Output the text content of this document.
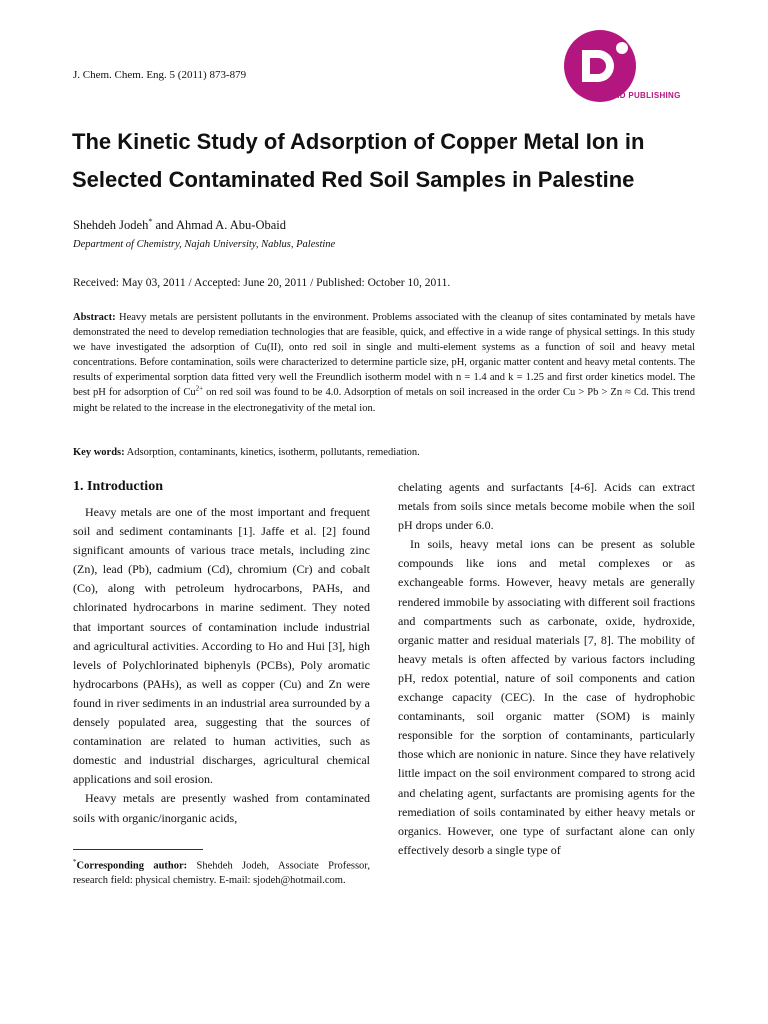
J. Chem. Chem. Eng. 5 (2011) 873-879
DAVID PUBLISHING
The Kinetic Study of Adsorption of Copper Metal Ion in Selected Contaminated Red Soil Samples in Palestine
Shehdeh Jodeh* and Ahmad A. Abu-Obaid
Department of Chemistry, Najah University, Nablus, Palestine
Received: May 03, 2011 / Accepted: June 20, 2011 / Published: October 10, 2011.

Abstract: Heavy metals are persistent pollutants in the environment. Problems associated with the cleanup of sites contaminated by metals have demonstrated the need to develop remediation technologies that are feasible, quick, and effective in a wide range of physical settings. In this study we have investigated the adsorption of Cu(II), onto red soil in single and multi-element systems as a function of soil and heavy metal concentrations. Before contamination, soils were characterized to determine particle size, pH, organic matter content and heavy metal contents. The results of experimental sorption data fitted very well the Freundlich isotherm model with n = 1.4 and k = 1.25 and first order kinetics model. The best pH for adsorption of $Cu^{2+}$ on red soil was found to be 4.0. Adsorption of metals on soil increased in the order Cu > Pb > Zn ≈ Cd. This trend might be related to the increase in the electronegativity of the metal ion.

Key words: Adsorption, contaminants, kinetics, isotherm, pollutants, remediation.
1. Introduction

Heavy metals are one of the most important and frequent soil and sediment contaminants [1]. Jaffe et al. [2] found significant amounts of various trace metals, including zinc (Zn), lead (Pb), cadmium (Cd), chromium (Cr) and cobalt (Co), along with petroleum hydrocarbons, PAHs, and chlorinated hydrocarbons in marine sediment. They noted that important sources of contamination include industrial and agricultural activities. According to Ho and Hui [3], high levels of Polychlorinated biphenyls (PCBs), Poly aromatic hydrocarbons (PAHs), as well as copper (Cu) and Zn were found in river sediments in an industrial area surrounded by a densely populated area, suggesting that the sources of contamination are related to human activities, such as domestic and industrial discharges, agricultural chemical applications and soil erosion.

Heavy metals are presently washed from contaminated soils with organic/inorganic acids,

chelating agents and surfactants [4-6]. Acids can extract metals from soils since metals become mobile when the soil pH drops under 6.0.

In soils, heavy metal ions can be present as soluble compounds like ions and metal complexes or as exchangeable forms. However, heavy metals are generally rendered immobile by associating with different soil fractions and compartments such as carbonate, oxide, hydroxide, organic matter and residual materials [7, 8]. The mobility of heavy metals is often affected by various factors including pH, redox potential, nature of soil components and cation exchange capacity (CEC). In the case of hydrophobic contaminants, soil organic matter (SOM) is mainly responsible for the sorption of contaminants, particularly those which are nonionic in nature. Since they have relatively little impact on the soil environment compared to strong acid and chelating agent, surfactants are promising agents for the remediation of soils contaminated by either heavy metals or organics. However, one type of surfactant alone can only effectively desorb a single type of

*Corresponding author: Shehdeh Jodeh, Associate Professor, research field: physical chemistry. E-mail: sjodeh@hotmail.com.
